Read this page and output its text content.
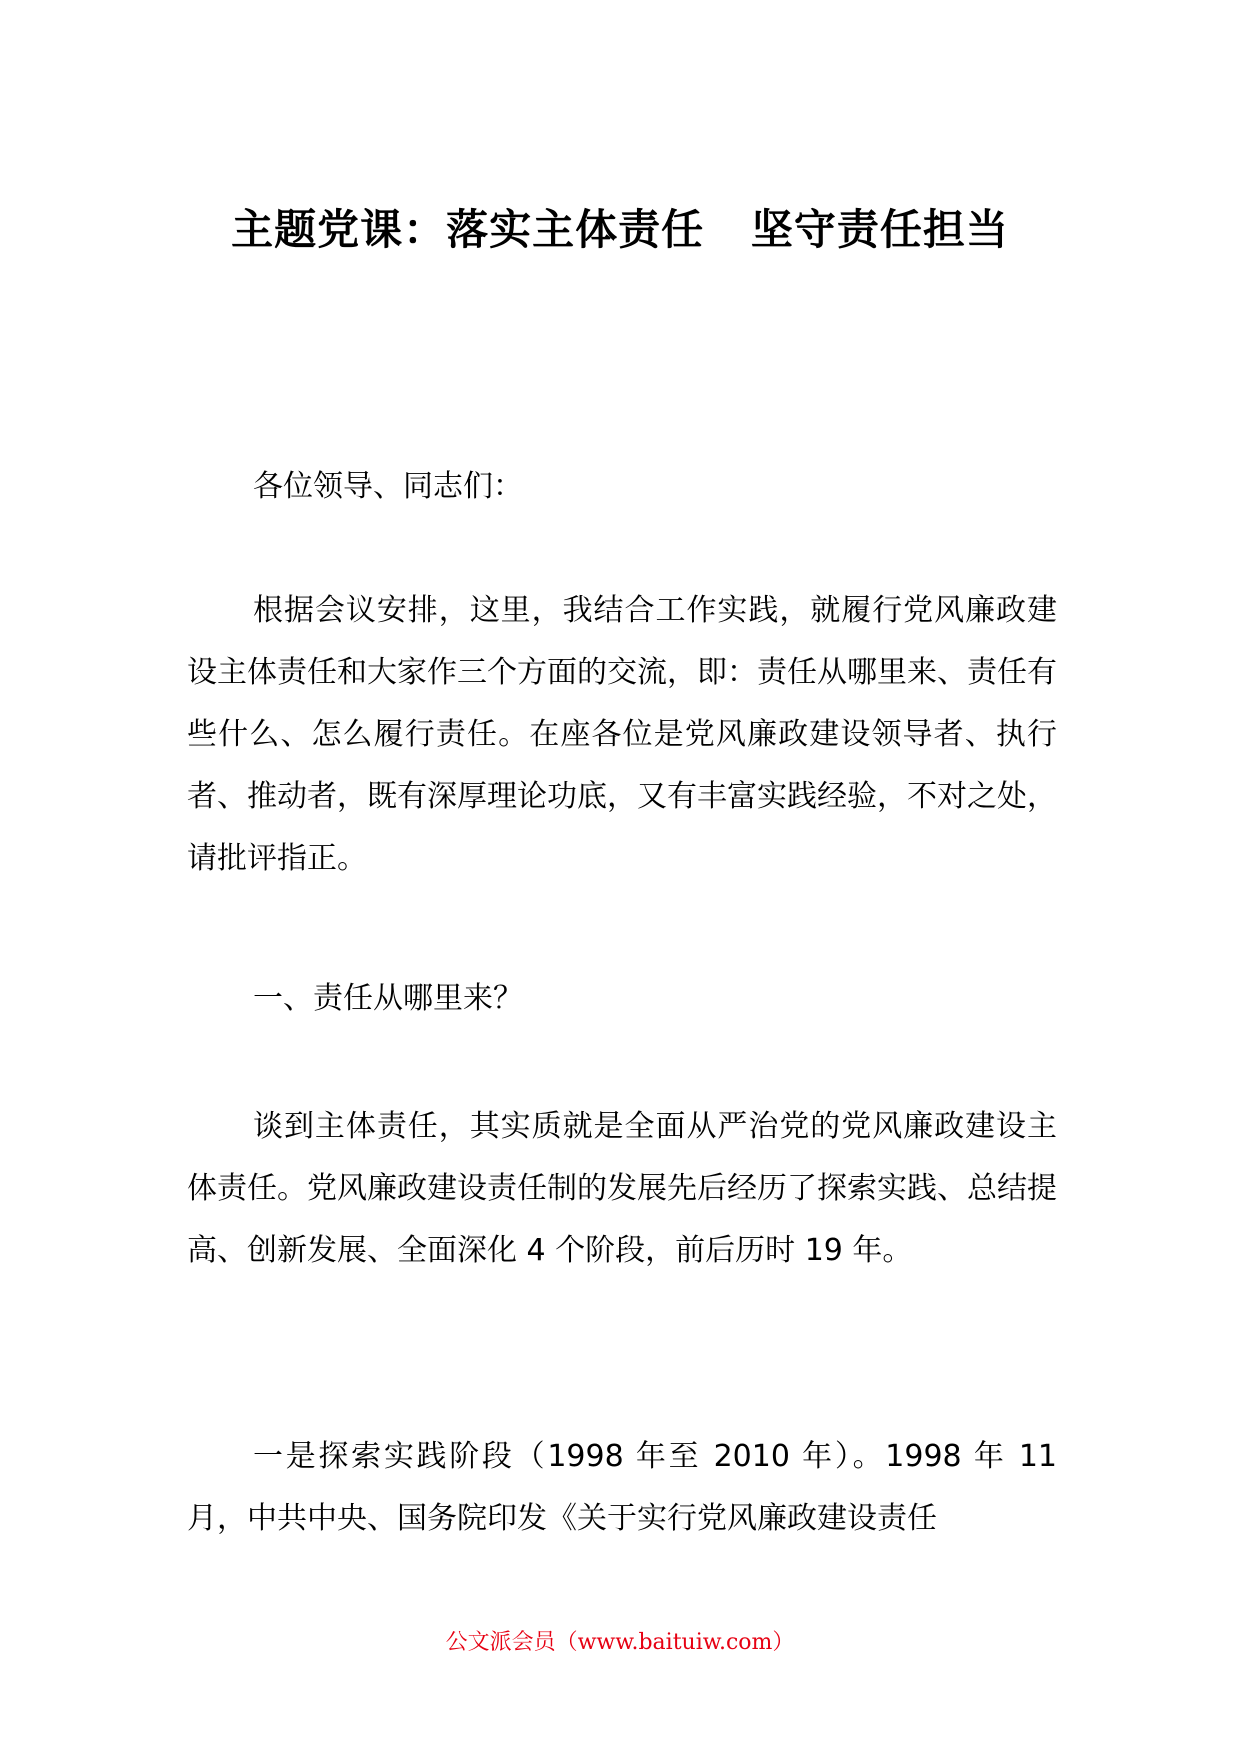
主题党课：落实主体责任   坚守责任担当
各位领导、同志们：
根据会议安排，这里，我结合工作实践，就履行党风廉政建设主体责任和大家作三个方面的交流，即：责任从哪里来、责任有些什么、怎么履行责任。在座各位是党风廉政建设领导者、执行者、推动者，既有深厚理论功底，又有丰富实践经验，不对之处，请批评指正。
一、责任从哪里来？
谈到主体责任，其实质就是全面从严治党的党风廉政建设主体责任。党风廉政建设责任制的发展先后经历了探索实践、总结提高、创新发展、全面深化 4 个阶段，前后历时 19 年。
一是探索实践阶段（1998 年至 2010 年）。1998 年 11 月，中共中央、国务院印发《关于实行党风廉政建设责任
公文派会员（www.baituiw.com）
